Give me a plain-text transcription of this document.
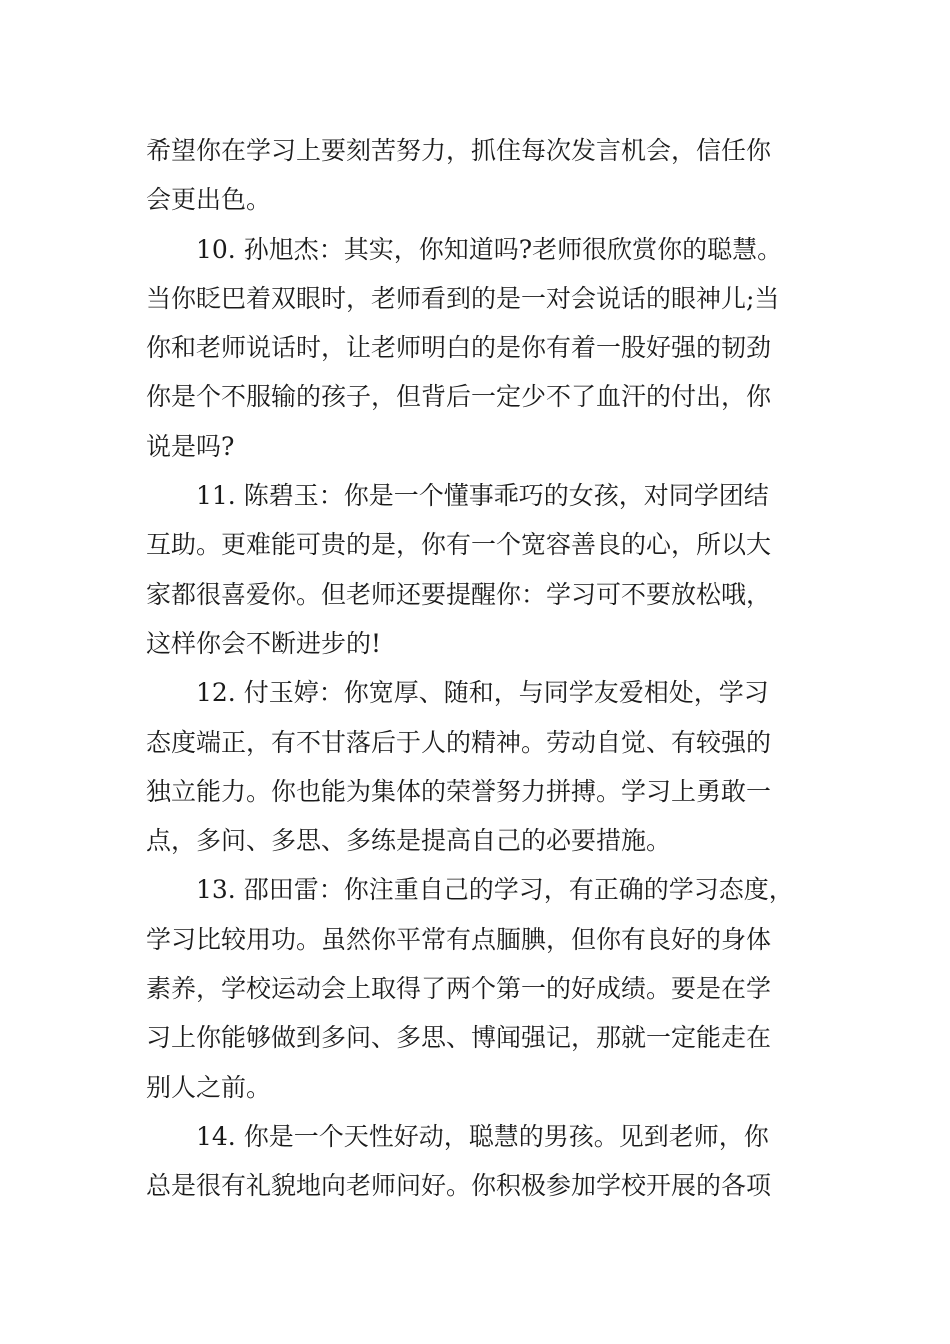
希望你在学习上要刻苦努力，抓住每次发言机会，信任你
会更出色。
10. 孙旭杰：其实，你知道吗?老师很欣赏你的聪慧。
当你眨巴着双眼时，老师看到的是一对会说话的眼神儿;当
你和老师说话时，让老师明白的是你有着一股好强的韧劲
你是个不服输的孩子，但背后一定少不了血汗的付出，你
说是吗?
11. 陈碧玉：你是一个懂事乖巧的女孩，对同学团结
互助。更难能可贵的是，你有一个宽容善良的心，所以大
家都很喜爱你。但老师还要提醒你：学习可不要放松哦，
这样你会不断进步的!
12. 付玉婷：你宽厚、随和，与同学友爱相处，学习
态度端正，有不甘落后于人的精神。劳动自觉、有较强的
独立能力。你也能为集体的荣誉努力拼搏。学习上勇敢一
点，多问、多思、多练是提高自己的必要措施。
13. 邵田雷：你注重自己的学习，有正确的学习态度，
学习比较用功。虽然你平常有点腼腆，但你有良好的身体
素养，学校运动会上取得了两个第一的好成绩。要是在学
习上你能够做到多问、多思、博闻强记，那就一定能走在
别人之前。
14. 你是一个天性好动，聪慧的男孩。见到老师，你
总是很有礼貌地向老师问好。你积极参加学校开展的各项
